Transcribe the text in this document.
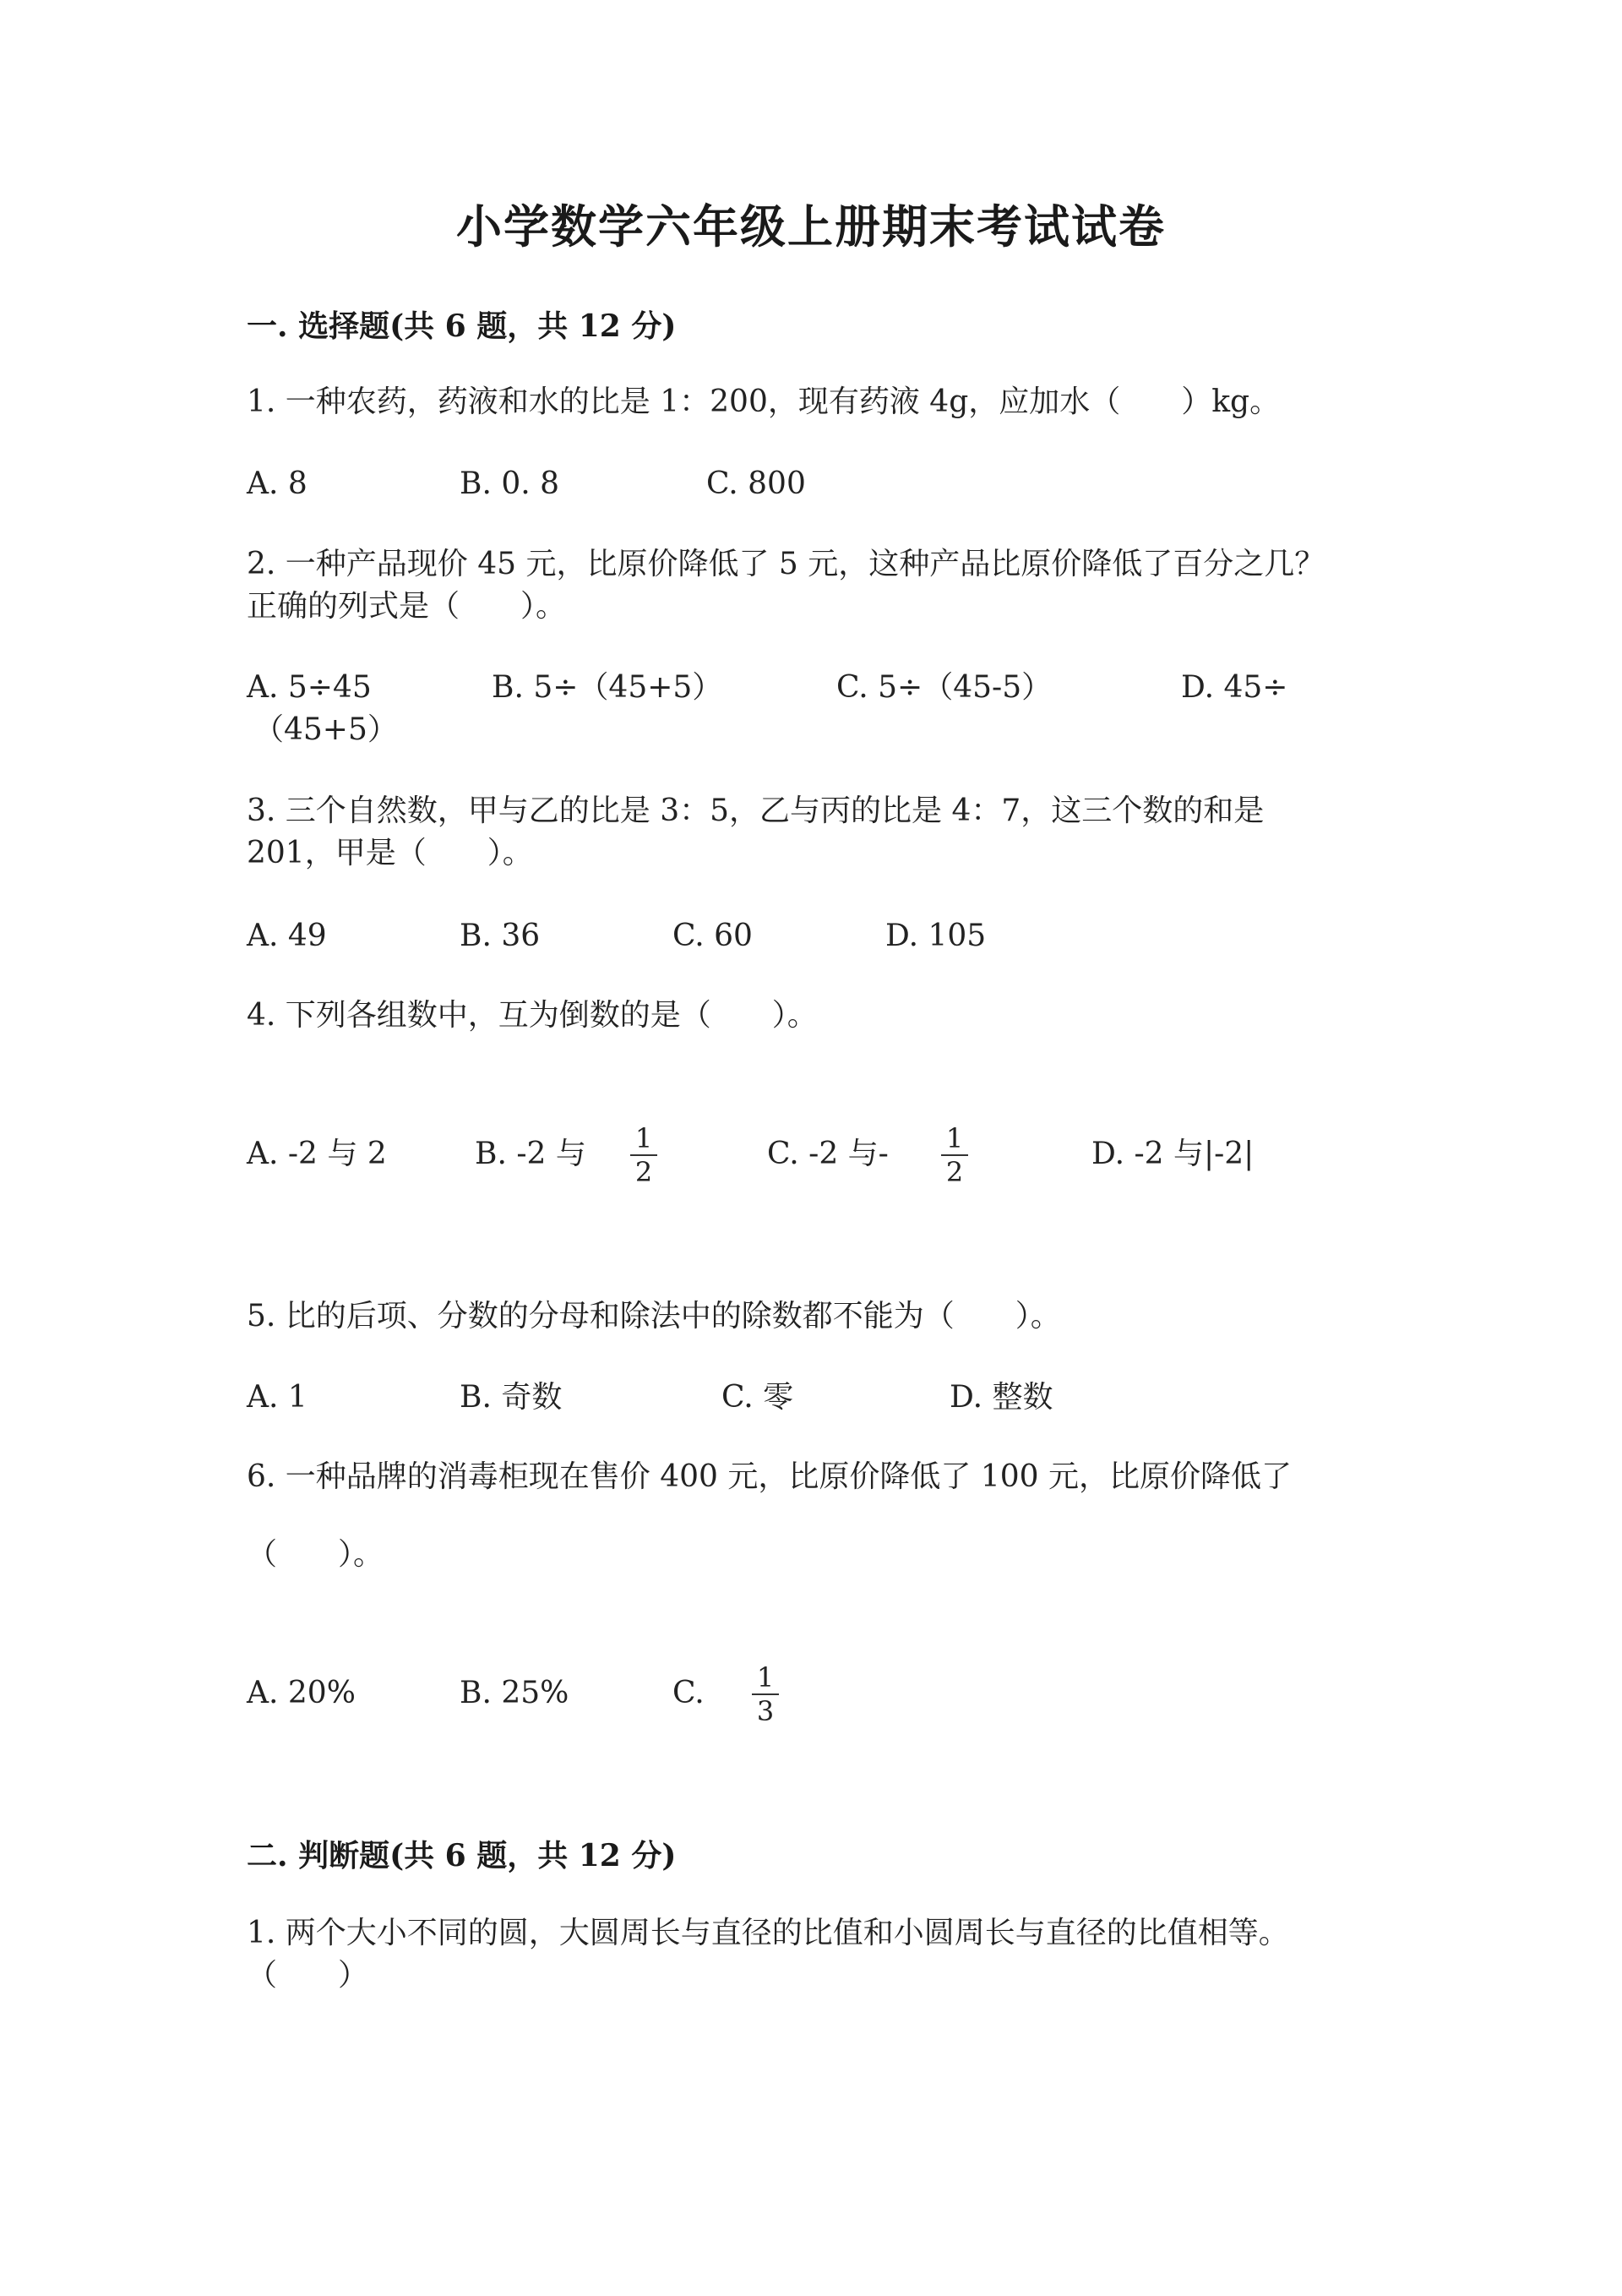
小学数学六年级上册期末考试试卷
一. 选择题(共 6 题，共 12 分)
1. 一种农药，药液和水的比是 1：200，现有药液 4g，应加水（　　）kg。
A. 8	B. 0. 8	C. 800
2. 一种产品现价 45 元，比原价降低了 5 元，这种产品比原价降低了百分之几？
正确的列式是（　　）。
A. 5÷45	B. 5÷（45+5）	C. 5÷（45-5）	D. 45÷
（45+5）
3. 三个自然数，甲与乙的比是 3：5，乙与丙的比是 4：7，这三个数的和是
201，甲是（　　）。
A. 49	B. 36	C. 60	D. 105
4. 下列各组数中，互为倒数的是（　　）。
A. -2 与 2	B. -2 与	1
2
C. -2 与-	1
2
D. -2 与|-2|
5. 比的后项、分数的分母和除法中的除数都不能为（　　）。
A. 1	B. 奇数	C. 零	D. 整数
6. 一种品牌的消毒柜现在售价 400 元，比原价降低了 100 元，比原价降低了
（　　）。
A. 20%	B. 25%	C.	1
3
二. 判断题(共 6 题，共 12 分)
1. 两个大小不同的圆，大圆周长与直径的比值和小圆周长与直径的比值相等。
（　　）
